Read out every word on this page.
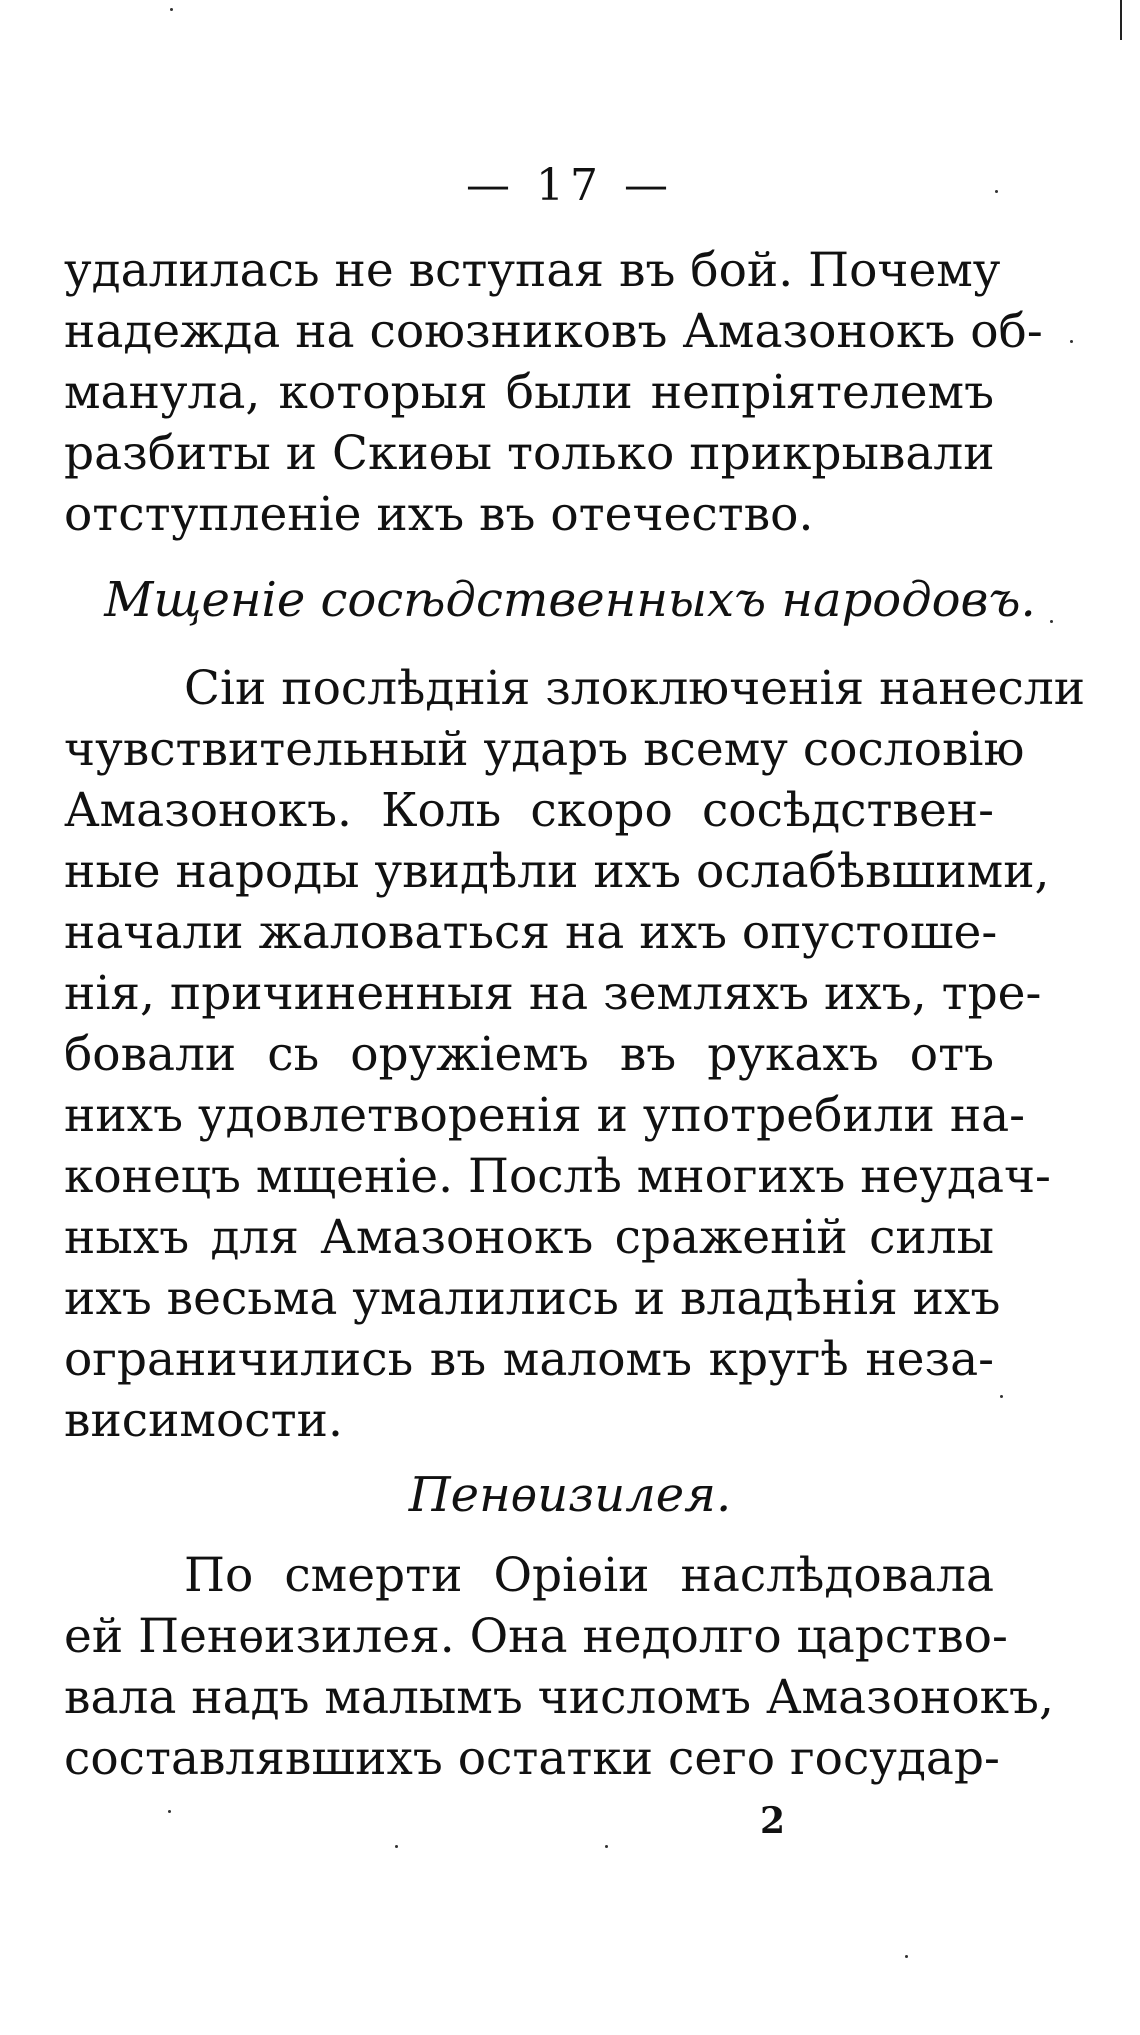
— 17 —
удалилась не вступая въ бой. Почему
надежда на союзниковъ Амазонокъ об-
манула, которыя были непріятелемъ
разбиты и Скиѳы только прикрывали
отступленіе ихъ въ отечество.
Мщеніе сосѣдственныхъ народовъ.
Сіи послѣднія злоключенія нанесли
чувствительный ударъ всему сословію
Амазонокъ. Коль скоро сосѣдствен-
ные народы увидѣли ихъ ослабѣвшими,
начали жаловаться на ихъ опустоше-
нія, причиненныя на земляхъ ихъ, тре-
бовали сь оружіемъ въ рукахъ отъ
нихъ удовлетворенія и употребили на-
конецъ мщеніе. Послѣ многихъ неудач-
ныхъ для Амазонокъ сраженій силы
ихъ весьма умалились и владѣнія ихъ
ограничились въ маломъ кругѣ неза-
висимости.
Пенѳизилея.
По смерти Оріѳіи наслѣдовала
ей Пенѳизилея. Она недолго царство-
вала надъ малымъ числомъ Амазонокъ,
составлявшихъ остатки сего государ-
2
